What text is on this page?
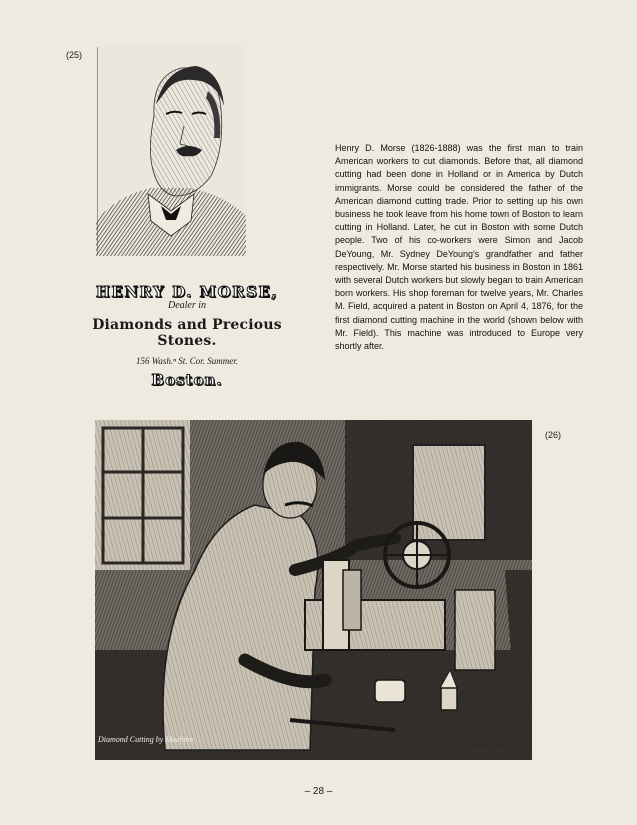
(25)
HENRY D. MORSE,
Dealer in
Diamonds and Precious Stones.
156 Wash.ⁿ St. Cor. Summer.
Boston.
Henry D. Morse (1826-1888) was the first man to train American workers to cut diamonds. Before that, all diamond cutting had been done in Holland or in America by Dutch immigrants. Morse could be considered the father of the American diamond cutting trade. Prior to setting up his own business he took leave from his home town of Boston to learn cutting in Holland. Later, he cut in Boston with some Dutch people. Two of his co-workers were Simon and Jacob DeYoung, Mr. Sydney DeYoung's grandfather and father respectively. Mr. Morse started his business in Boston in 1861 with several Dutch workers but slowly began to train American born workers. His shop foreman for twelve years, Mr. Charles M. Field, acquired a patent in Boston on April 4, 1876, for the first diamond cutting machine in the world (shown below with Mr. Field). This machine was introduced to Europe very shortly after.
Diamond Cutting by Machine
Scientific Am.
(26)
– 28 –
